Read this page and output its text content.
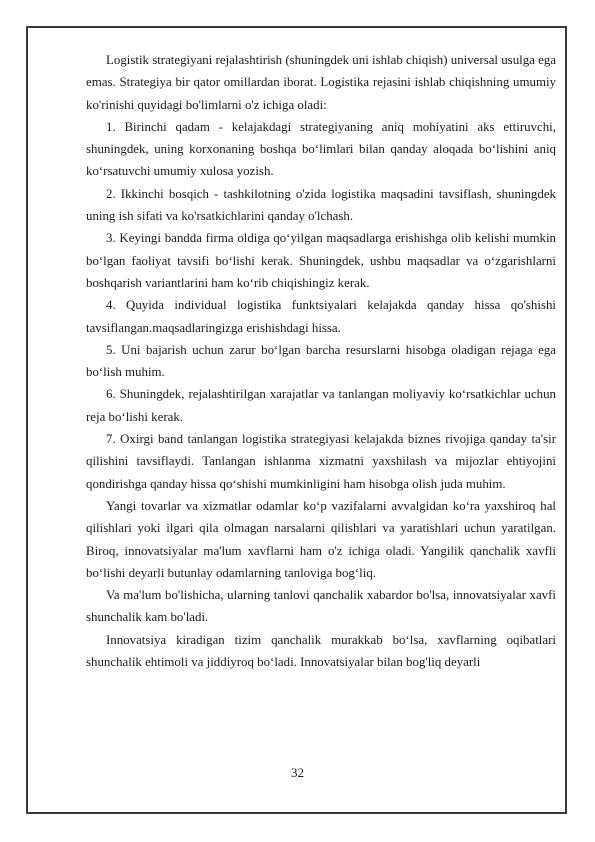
Logistik strategiyani rejalashtirish (shuningdek uni ishlab chiqish) universal usulga ega emas. Strategiya bir qator omillardan iborat. Logistika rejasini ishlab chiqishning umumiy ko'rinishi quyidagi bo'limlarni o'z ichiga oladi:

1. Birinchi qadam - kelajakdagi strategiyaning aniq mohiyatini aks ettiruvchi, shuningdek, uning korxonaning boshqa bo‘limlari bilan qanday aloqada bo‘lishini aniq ko‘rsatuvchi umumiy xulosa yozish.

2. Ikkinchi bosqich - tashkilotning o'zida logistika maqsadini tavsiflash, shuningdek uning ish sifati va ko'rsatkichlarini qanday o'lchash.

3. Keyingi bandda firma oldiga qo‘yilgan maqsadlarga erishishga olib kelishi mumkin bo‘lgan faoliyat tavsifi bo‘lishi kerak. Shuningdek, ushbu maqsadlar va o‘zgarishlarni boshqarish variantlarini ham ko‘rib chiqishingiz kerak.

4. Quyida individual logistika funktsiyalari kelajakda qanday hissa qo'shishi tavsiflangan.maqsadlaringizga erishishdagi hissa.

5. Uni bajarish uchun zarur bo‘lgan barcha resurslarni hisobga oladigan rejaga ega bo‘lish muhim.

6. Shuningdek, rejalashtirilgan xarajatlar va tanlangan moliyaviy ko‘rsatkichlar uchun reja bo‘lishi kerak.

7. Oxirgi band tanlangan logistika strategiyasi kelajakda biznes rivojiga qanday ta'sir qilishini tavsiflaydi. Tanlangan ishlanma xizmatni yaxshilash va mijozlar ehtiyojini qondirishga qanday hissa qo‘shishi mumkinligini ham hisobga olish juda muhim.

Yangi tovarlar va xizmatlar odamlar ko‘p vazifalarni avvalgidan ko‘ra yaxshiroq hal qilishlari yoki ilgari qila olmagan narsalarni qilishlari va yaratishlari uchun yaratilgan. Biroq, innovatsiyalar ma'lum xavflarni ham o'z ichiga oladi. Yangilik qanchalik xavfli bo‘lishi deyarli butunlay odamlarning tanloviga bog‘liq.

Va ma'lum bo'lishicha, ularning tanlovi qanchalik xabardor bo'lsa, innovatsiyalar xavfi shunchalik kam bo'ladi.

Innovatsiya kiradigan tizim qanchalik murakkab bo‘lsa, xavflarning oqibatlari shunchalik ehtimoli va jiddiyroq bo‘ladi. Innovatsiyalar bilan bog'liq deyarli

32
